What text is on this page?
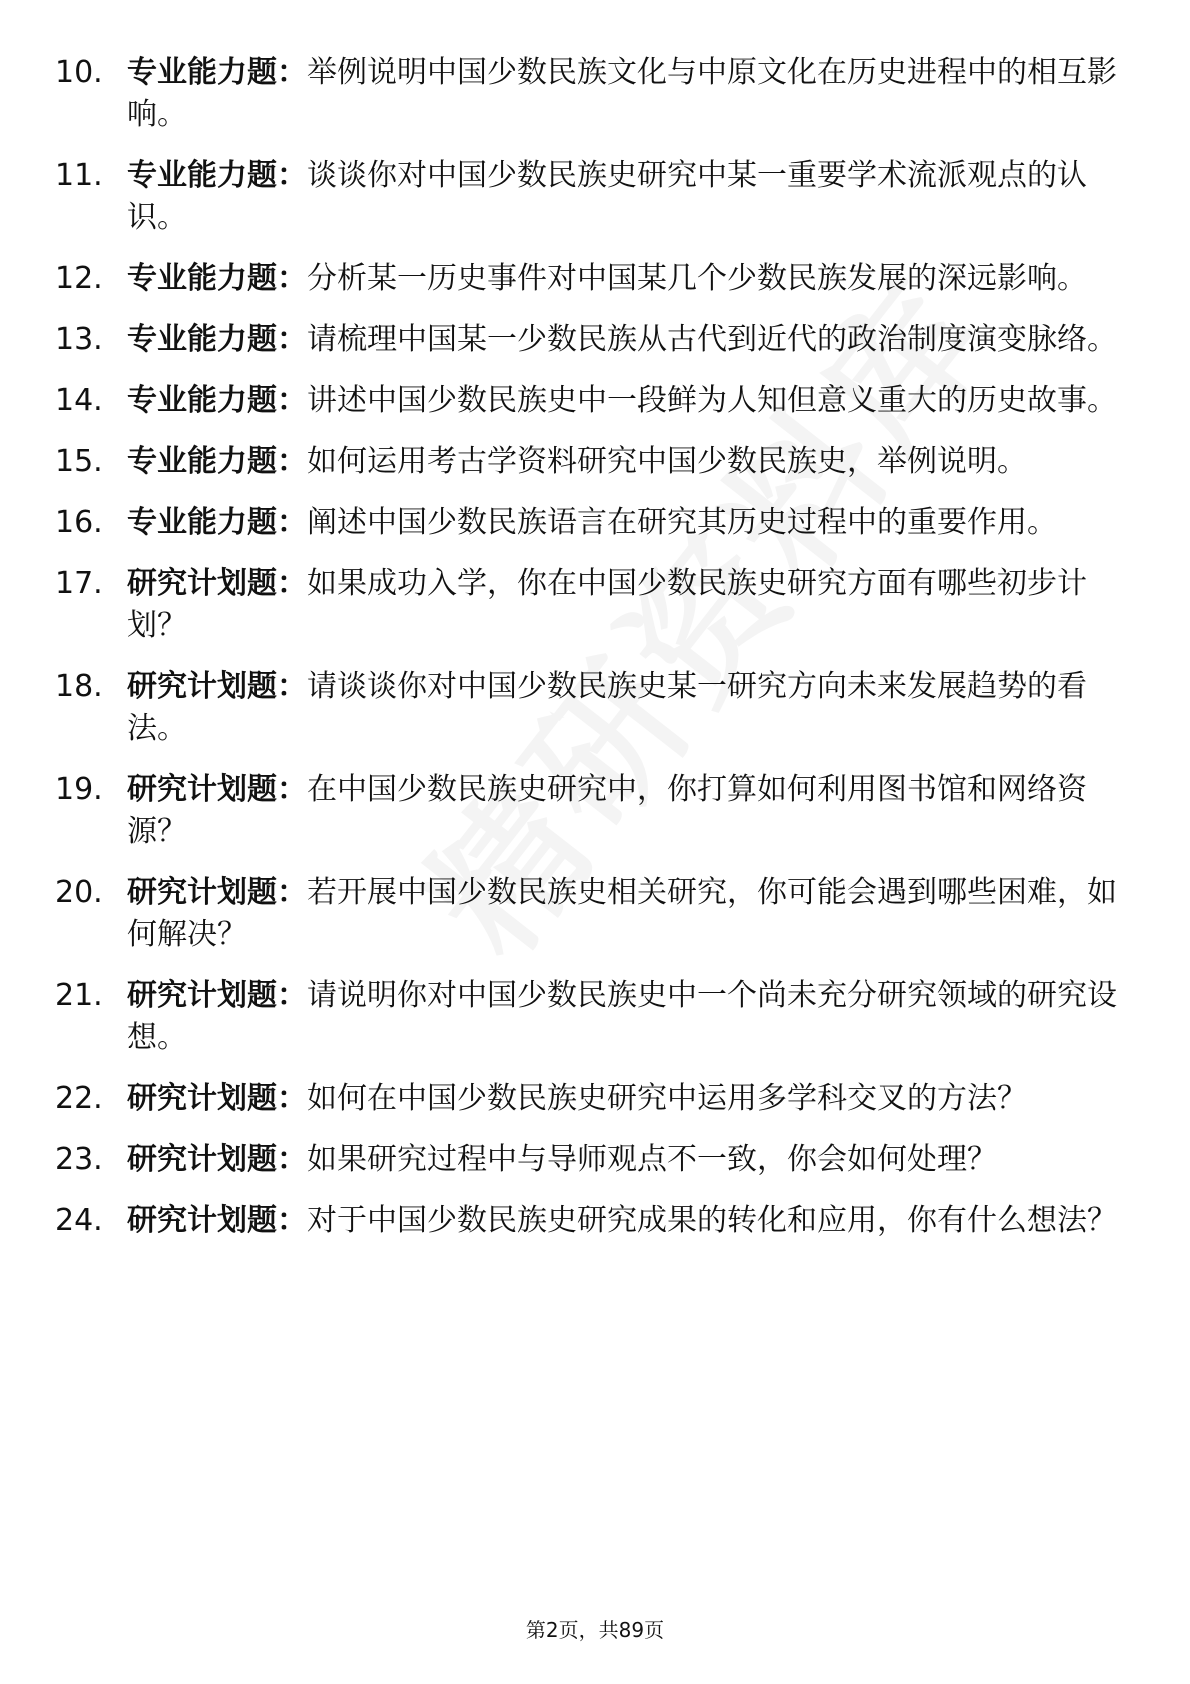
10. 专业能力题：举例说明中国少数民族文化与中原文化在历史进程中的相互影响。
11. 专业能力题：谈谈你对中国少数民族史研究中某一重要学术流派观点的认识。
12. 专业能力题：分析某一历史事件对中国某几个少数民族发展的深远影响。
13. 专业能力题：请梳理中国某一少数民族从古代到近代的政治制度演变脉络。
14. 专业能力题：讲述中国少数民族史中一段鲜为人知但意义重大的历史故事。
15. 专业能力题：如何运用考古学资料研究中国少数民族史，举例说明。
16. 专业能力题：阐述中国少数民族语言在研究其历史过程中的重要作用。
17. 研究计划题：如果成功入学，你在中国少数民族史研究方面有哪些初步计划？
18. 研究计划题：请谈谈你对中国少数民族史某一研究方向未来发展趋势的看法。
19. 研究计划题：在中国少数民族史研究中，你打算如何利用图书馆和网络资源？
20. 研究计划题：若开展中国少数民族史相关研究，你可能会遇到哪些困难，如何解决？
21. 研究计划题：请说明你对中国少数民族史中一个尚未充分研究领域的研究设想。
22. 研究计划题：如何在中国少数民族史研究中运用多学科交叉的方法？
23. 研究计划题：如果研究过程中与导师观点不一致，你会如何处理？
24. 研究计划题：对于中国少数民族史研究成果的转化和应用，你有什么想法？
第2页，共89页
